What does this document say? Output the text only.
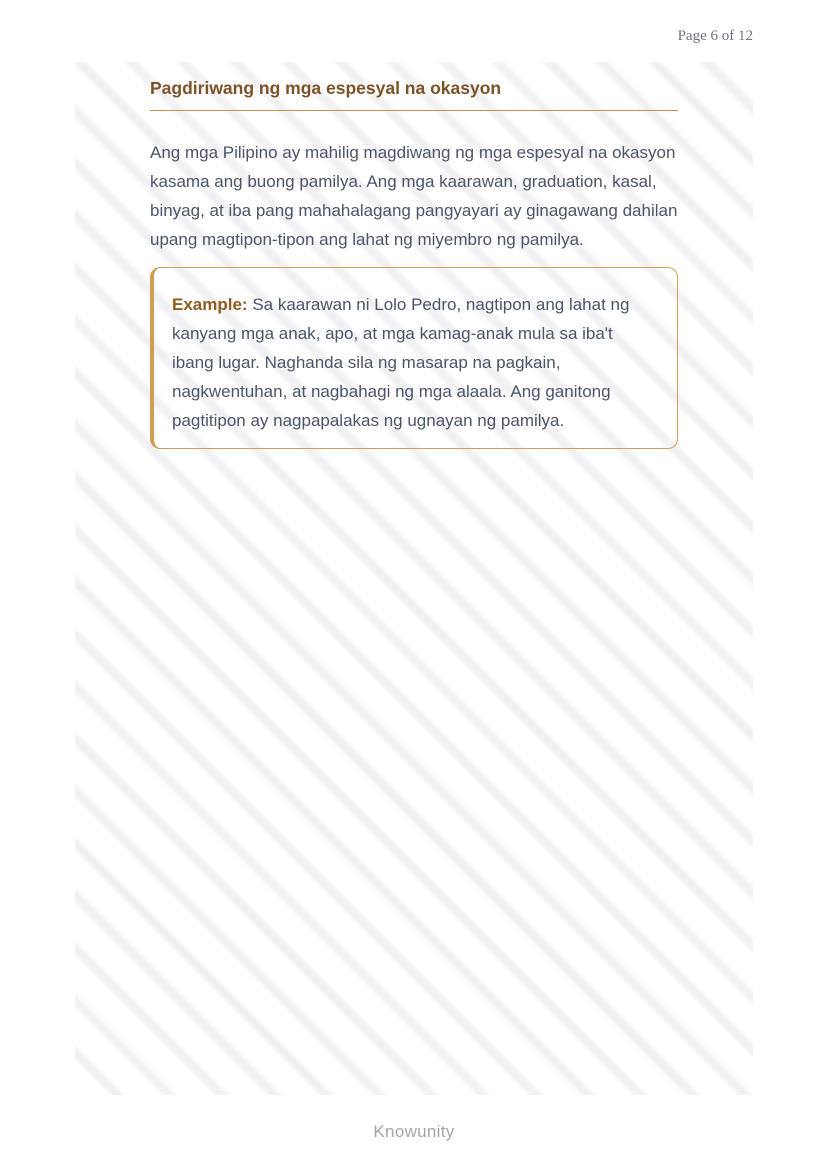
Page 6 of 12
Pagdiriwang ng mga espesyal na okasyon

Ang mga Pilipino ay mahilig magdiwang ng mga espesyal na okasyon kasama ang buong pamilya. Ang mga kaarawan, graduation, kasal, binyag, at iba pang mahahalagang pangyayari ay ginagawang dahilan upang magtipon-tipon ang lahat ng miyembro ng pamilya.

Example: Sa kaarawan ni Lolo Pedro, nagtipon ang lahat ng kanyang mga anak, apo, at mga kamag-anak mula sa iba't ibang lugar. Naghanda sila ng masarap na pagkain, nagkwentuhan, at nagbahagi ng mga alaala. Ang ganitong pagtitipon ay nagpapalakas ng ugnayan ng pamilya.

Knowunity
